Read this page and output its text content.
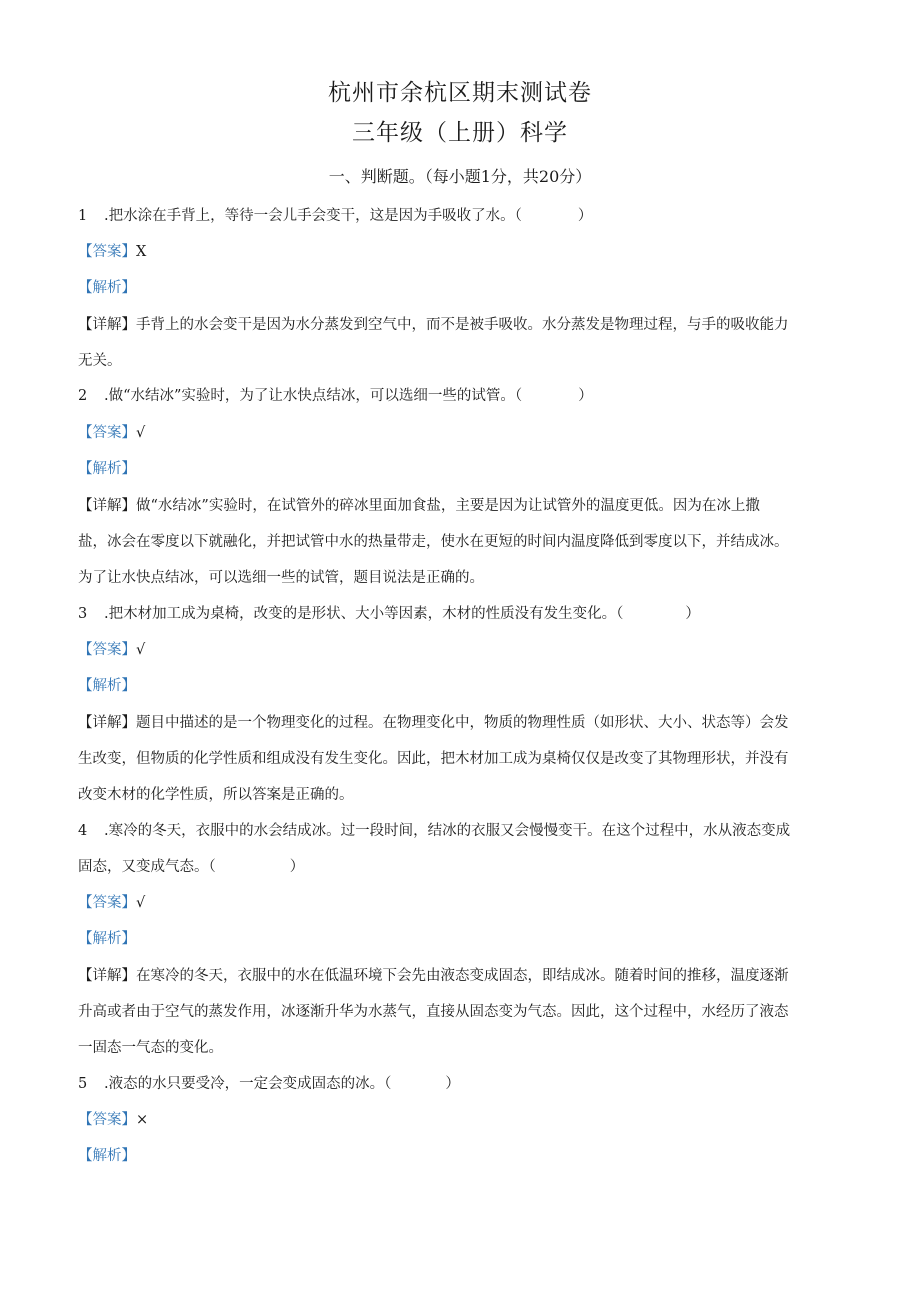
杭州市余杭区期末测试卷
三年级（上册）科学
一、判断题。（每小题1分，共20分）
1 .把水涂在手背上，等待一会儿手会变干，这是因为手吸收了水。（	）
【答案】X
【解析】
【详解】手背上的水会变干是因为水分蒸发到空气中，而不是被手吸收。水分蒸发是物理过程，与手的吸收能力
无关。
2 .做“水结冰”实验时，为了让水快点结冰，可以选细一些的试管。（	）
【答案】√
【解析】
【详解】做“水结冰”实验时，在试管外的碎冰里面加食盐，主要是因为让试管外的温度更低。因为在冰上撒
盐，冰会在零度以下就融化，并把试管中水的热量带走，使水在更短的时间内温度降低到零度以下，并结成冰。
为了让水快点结冰，可以选细一些的试管，题目说法是正确的。
3 .把木材加工成为桌椅，改变的是形状、大小等因素，木材的性质没有发生变化。（	）
【答案】√
【解析】
【详解】题目中描述的是一个物理变化的过程。在物理变化中，物质的物理性质（如形状、大小、状态等）会发
生改变，但物质的化学性质和组成没有发生变化。因此，把木材加工成为桌椅仅仅是改变了其物理形状，并没有
改变木材的化学性质，所以答案是正确的。
4 .寒冷的冬天，衣服中的水会结成冰。过一段时间，结冰的衣服又会慢慢变干。在这个过程中，水从液态变成
固态，又变成气态。（	）
【答案】√
【解析】
【详解】在寒冷的冬天，衣服中的水在低温环境下会先由液态变成固态，即结成冰。随着时间的推移，温度逐渐
升高或者由于空气的蒸发作用，冰逐渐升华为水蒸气，直接从固态变为气态。因此，这个过程中，水经历了液态
一固态一气态的变化。
5 .液态的水只要受冷，一定会变成固态的冰。（	）
【答案】×
【解析】
